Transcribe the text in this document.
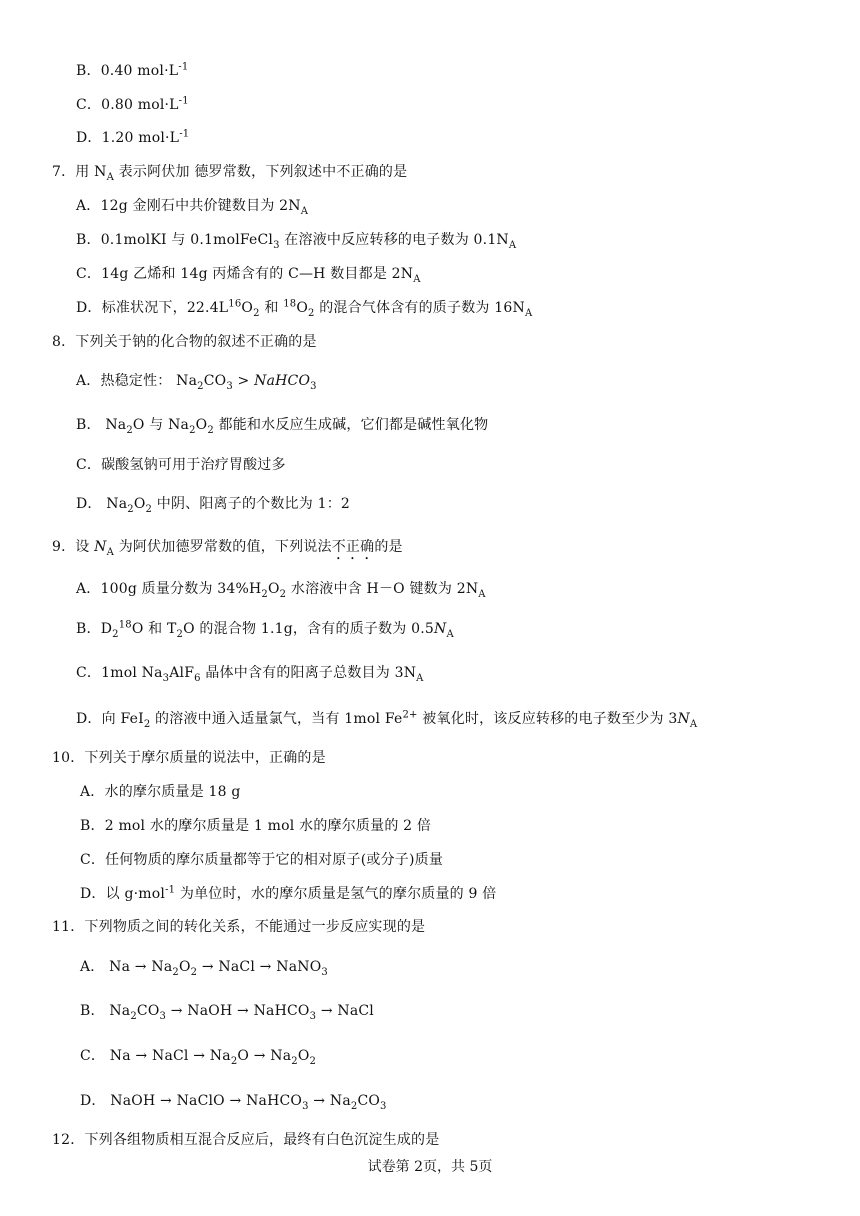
B．0.40 $mol\cdot L^{-1}$
C．0.80 $mol\cdot L^{-1}$
D．1.20 $mol\cdot L^{-1}$
7．用 $N_A$ 表示阿伏加 德罗常数，下列叙述中不正确的是
A．12g 金刚石中共价键数目为 $2N_A$
B．0.1molKI 与 0.1molFeCl$_3$ 在溶液中反应转移的电子数为 $0.1N_A$
C．14g 乙烯和 14g 丙烯含有的 C—H 数目都是 $2N_A$
D．标准状况下，$22.4L^{16}O_2$ 和 $^{18}O_2$ 的混合气体含有的质子数为 $16N_A$
8．下列关于钠的化合物的叙述不正确的是
A．热稳定性： $Na_2CO_3$ > NaHCO$_3$
B． $Na_2O$ 与 $Na_2O_2$ 都能和水反应生成碱，它们都是碱性氧化物
C．碳酸氢钠可用于治疗胃酸过多
D． $Na_2O_2$ 中阴、阳离子的个数比为 1：2
9．设 $N_A$ 为阿伏加德罗常数的值，下列说法不正确的是
A．100g 质量分数为 $34\%H_2O_2$ 水溶液中含 H－O 键数为 $2N_A$
B．$D_2^{18}O$ 和 $T_2O$ 的混合物 1.1g，含有的质子数为 $0.5N_A$
C．1mol $Na_3AlF_6$ 晶体中含有的阳离子总数目为 $3N_A$
D．向 FeI$_2$ 的溶液中通入适量氯气，当有 1mol $Fe^{2+}$ 被氧化时，该反应转移的电子数至少为 $3N_A$
10．下列关于摩尔质量的说法中，正确的是
A．水的摩尔质量是 18 g
B．2 mol 水的摩尔质量是 1 mol 水的摩尔质量的 2 倍
C．任何物质的摩尔质量都等于它的相对原子(或分子)质量
D．以 g·mol$^{-1}$ 为单位时，水的摩尔质量是氢气的摩尔质量的 9 倍
11．下列物质之间的转化关系，不能通过一步反应实现的是
A． $Na \to Na_2O_2$ → NaCl → NaNO$_3$
B． $Na_2CO_3$ → NaOH → NaHCO$_3$ → NaCl
C． Na → NaCl → $Na_2O \to Na_2O_2$
D． NaOH → NaClO → NaHCO$_3$ → $Na_2CO_3$
12．下列各组物质相互混合反应后，最终有白色沉淀生成的是
试卷第 2页，共 5页
